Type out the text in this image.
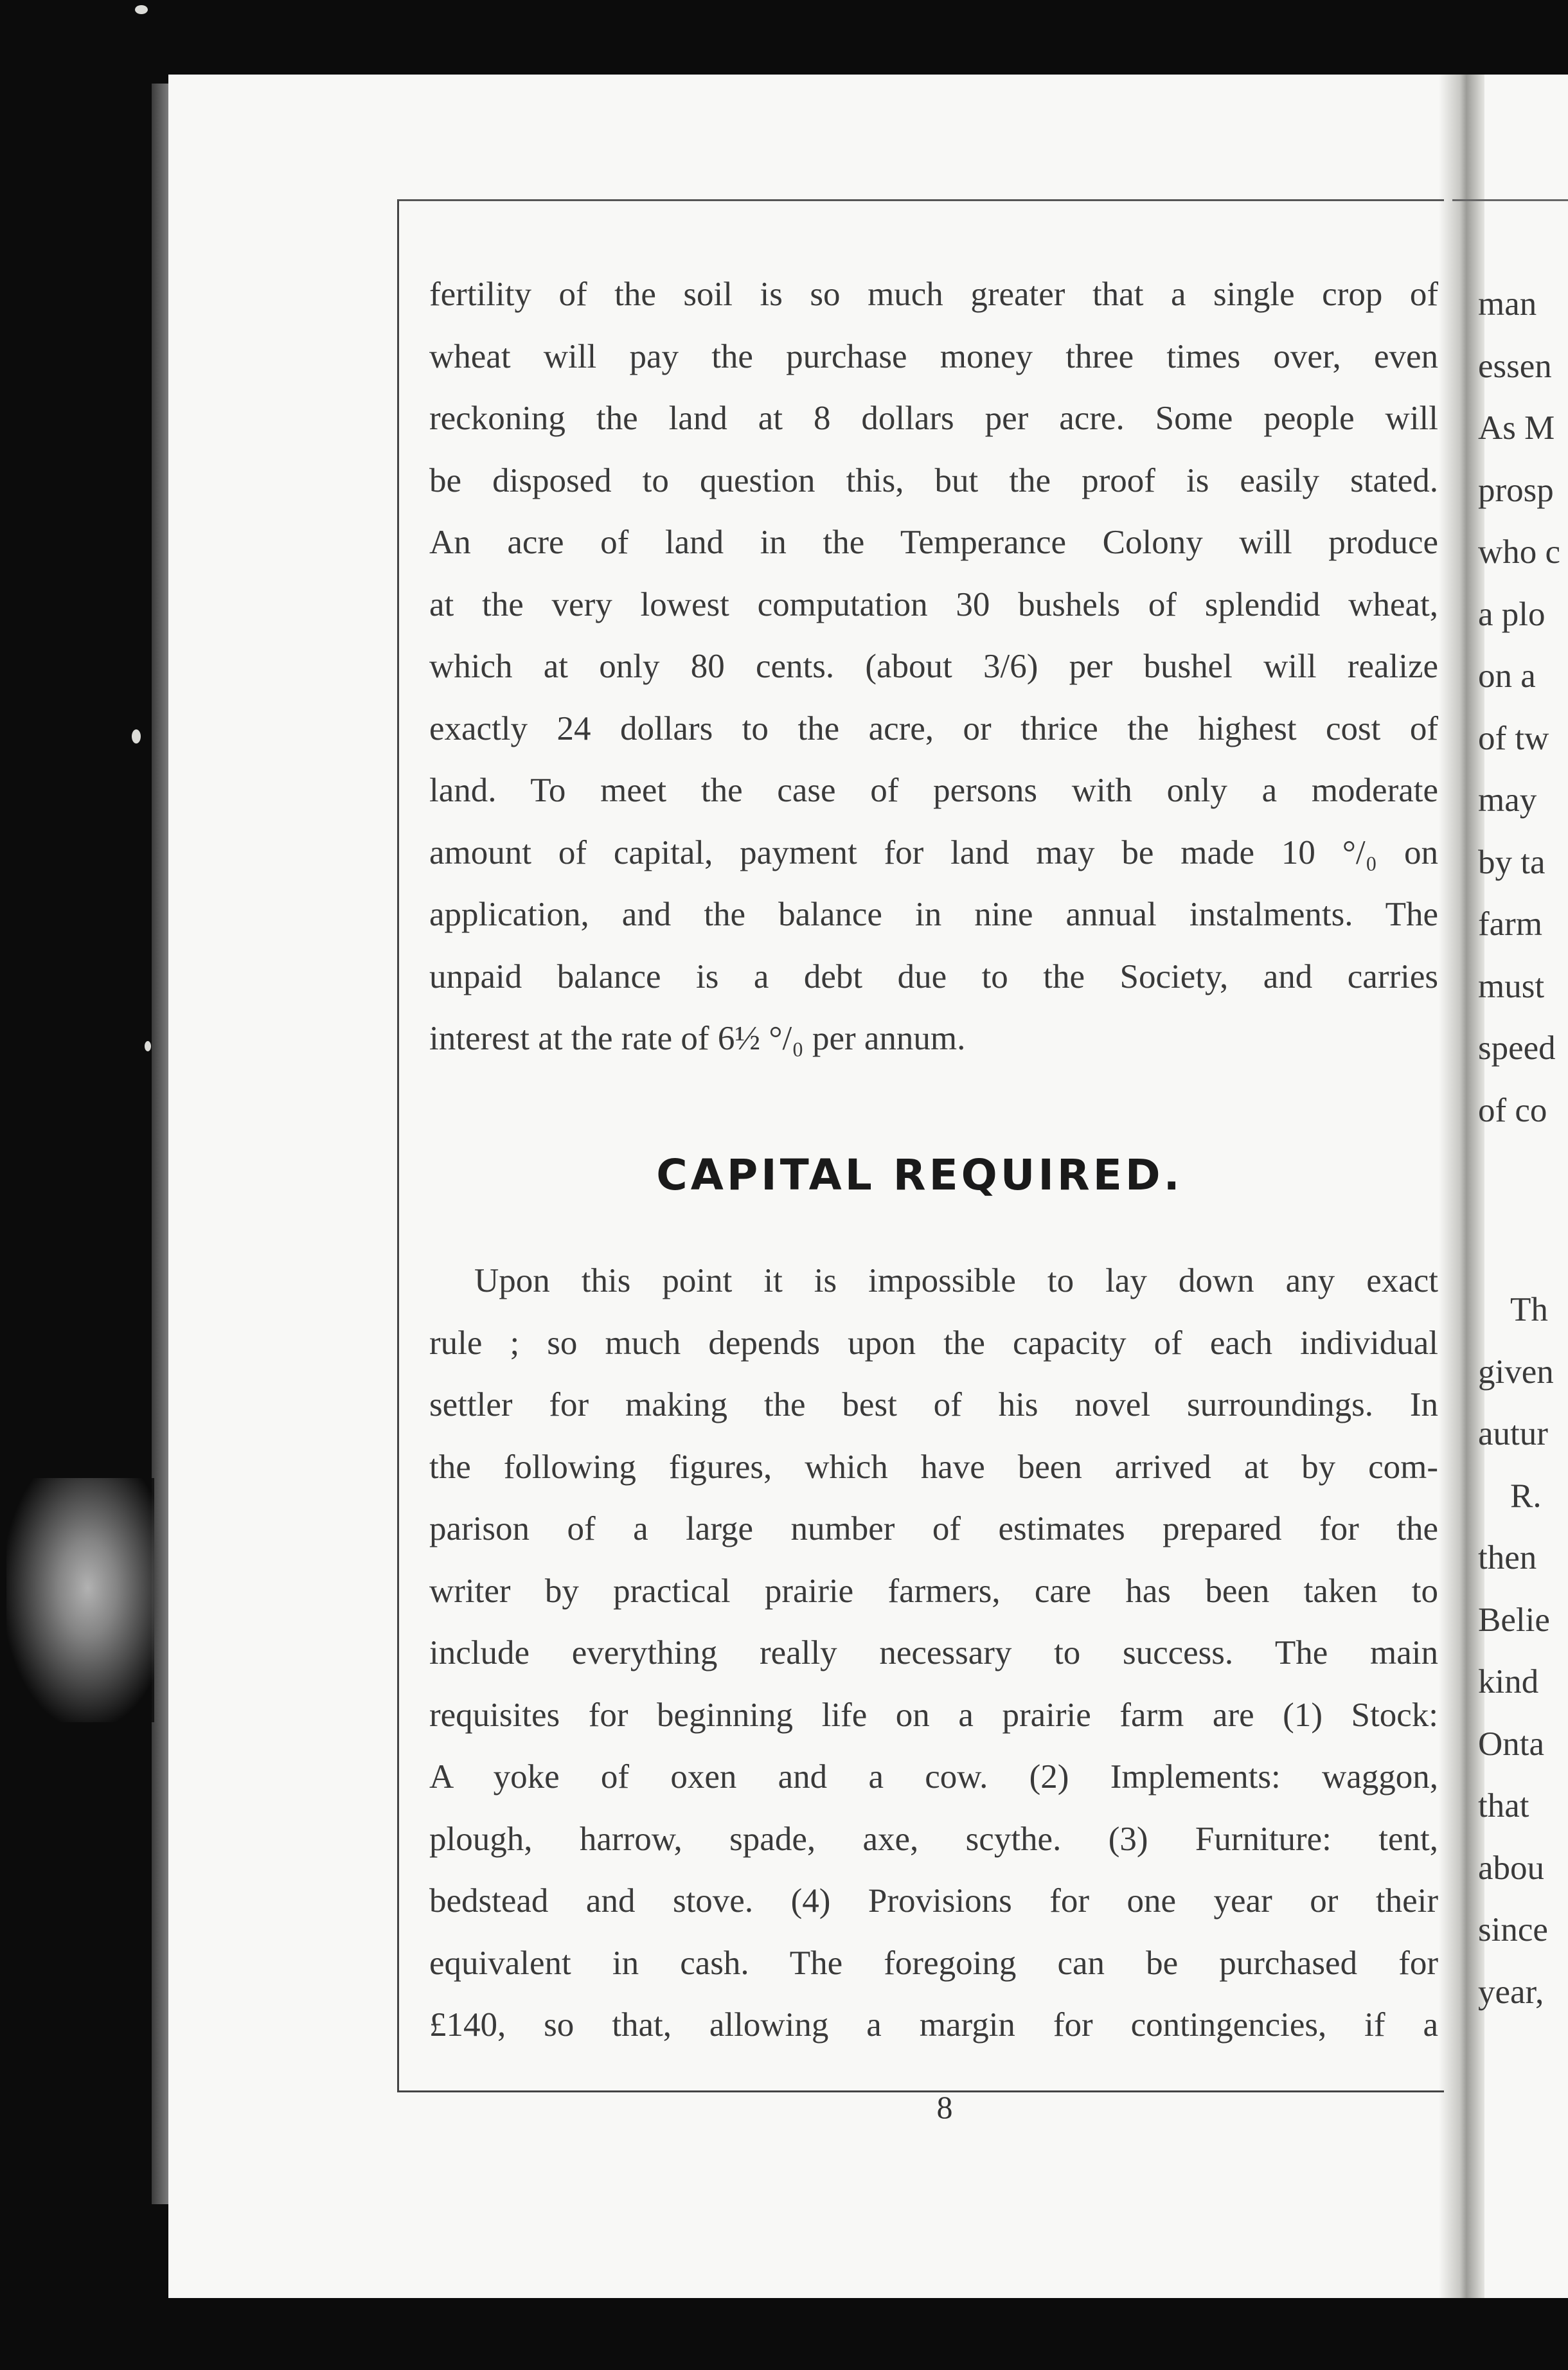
fertility of the soil is so much greater that a single crop of
wheat will pay the purchase money three times over, even
reckoning the land at 8 dollars per acre. Some people will
be disposed to question this, but the proof is easily stated.
An acre of land in the Temperance Colony will produce
at the very lowest computation 30 bushels of splendid wheat,
which at only 80 cents. (about 3/6) per bushel will realize
exactly 24 dollars to the acre, or thrice the highest cost of
land. To meet the case of persons with only a moderate
amount of capital, payment for land may be made 10 °/₀ on
application, and the balance in nine annual instalments. The
unpaid balance is a debt due to the Society, and carries
interest at the rate of 6½ °/₀ per annum.
CAPITAL REQUIRED.
Upon this point it is impossible to lay down any exact
rule ; so much depends upon the capacity of each individual
settler for making the best of his novel surroundings. In
the following figures, which have been arrived at by com-
parison of a large number of estimates prepared for the
writer by practical prairie farmers, care has been taken to
include everything really necessary to success. The main
requisites for beginning life on a prairie farm are (1) Stock:
A yoke of oxen and a cow. (2) Implements: waggon,
plough, harrow, spade, axe, scythe. (3) Furniture: tent,
bedstead and stove. (4) Provisions for one year or their
equivalent in cash. The foregoing can be purchased for
£140, so that, allowing a margin for contingencies, if a
8
man
essen
As M
prosp
who c
a plo
on a
of tw
may
by ta
farm
must
speed
of co
Th
given
autur
R.
then
Belie
kind
Onta
that
abou
since
year,
